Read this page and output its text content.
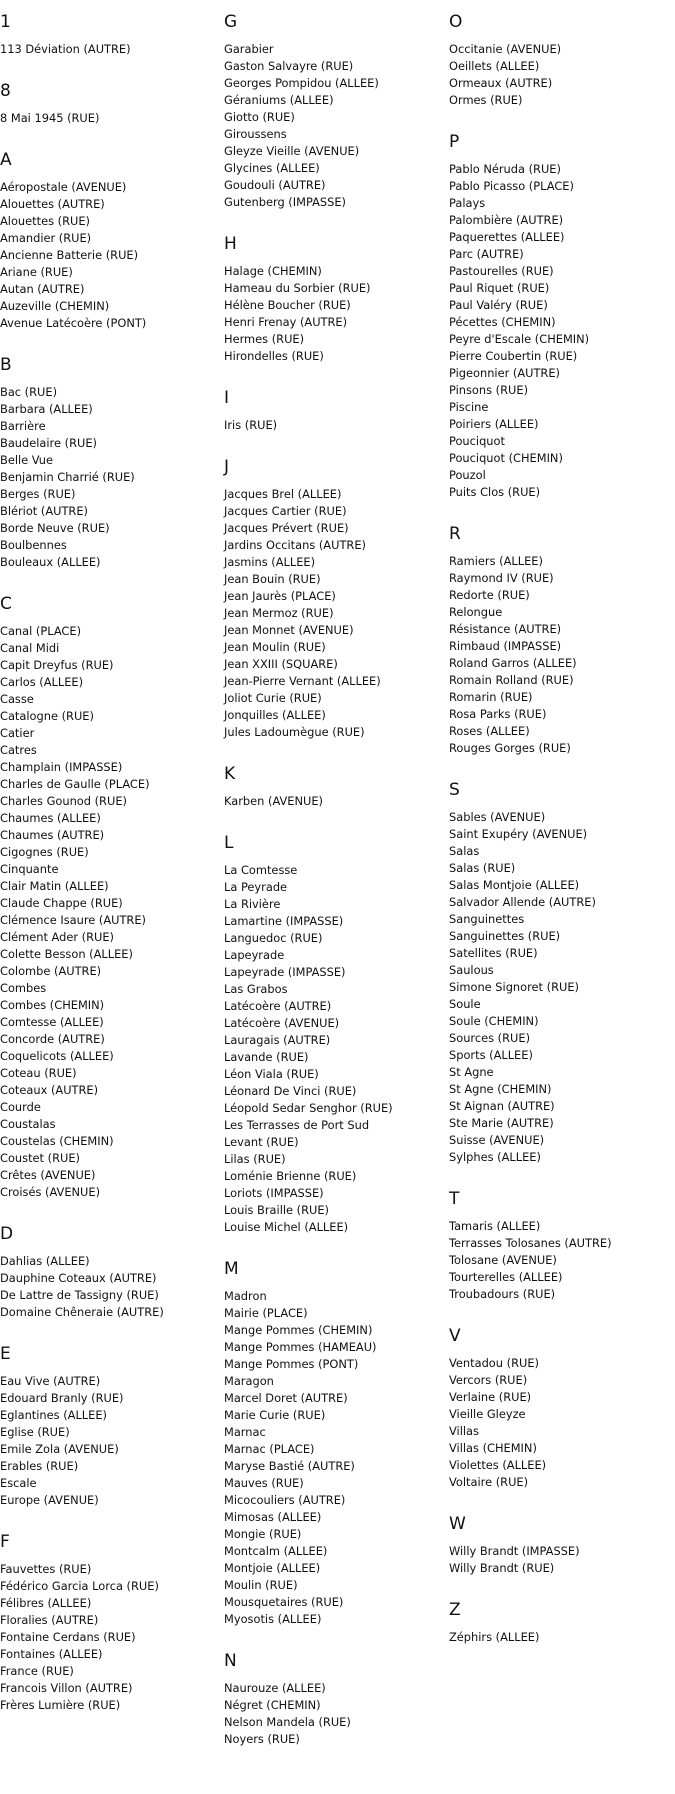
1
113 Déviation (AUTRE)
8
8 Mai 1945 (RUE)
A
Aéropostale (AVENUE)
Alouettes (AUTRE)
Alouettes (RUE)
Amandier (RUE)
Ancienne Batterie (RUE)
Ariane (RUE)
Autan (AUTRE)
Auzeville (CHEMIN)
Avenue Latécoère (PONT)
B
Bac (RUE)
Barbara (ALLEE)
Barrière
Baudelaire (RUE)
Belle Vue
Benjamin Charrié (RUE)
Berges (RUE)
Blériot (AUTRE)
Borde Neuve (RUE)
Boulbennes
Bouleaux (ALLEE)
C
Canal (PLACE)
Canal Midi
Capit Dreyfus (RUE)
Carlos (ALLEE)
Casse
Catalogne (RUE)
Catier
Catres
Champlain (IMPASSE)
Charles de Gaulle (PLACE)
Charles Gounod (RUE)
Chaumes (ALLEE)
Chaumes (AUTRE)
Cigognes (RUE)
Cinquante
Clair Matin (ALLEE)
Claude Chappe (RUE)
Clémence Isaure (AUTRE)
Clément Ader (RUE)
Colette Besson (ALLEE)
Colombe (AUTRE)
Combes
Combes (CHEMIN)
Comtesse (ALLEE)
Concorde (AUTRE)
Coquelicots (ALLEE)
Coteau (RUE)
Coteaux (AUTRE)
Courde
Coustalas
Coustelas (CHEMIN)
Coustet (RUE)
Crêtes (AVENUE)
Croisés (AVENUE)
D
Dahlias (ALLEE)
Dauphine Coteaux (AUTRE)
De Lattre de Tassigny (RUE)
Domaine Chêneraie (AUTRE)
E
Eau Vive (AUTRE)
Edouard Branly (RUE)
Eglantines (ALLEE)
Eglise (RUE)
Emile Zola (AVENUE)
Erables (RUE)
Escale
Europe (AVENUE)
F
Fauvettes (RUE)
Fédérico Garcia Lorca (RUE)
Félibres (ALLEE)
Floralies (AUTRE)
Fontaine Cerdans (RUE)
Fontaines (ALLEE)
France (RUE)
Francois Villon (AUTRE)
Frères Lumière (RUE)
G
Garabier
Gaston Salvayre (RUE)
Georges Pompidou (ALLEE)
Géraniums (ALLEE)
Giotto (RUE)
Giroussens
Gleyze Vieille (AVENUE)
Glycines (ALLEE)
Goudouli (AUTRE)
Gutenberg (IMPASSE)
H
Halage (CHEMIN)
Hameau du Sorbier (RUE)
Hélène Boucher (RUE)
Henri Frenay (AUTRE)
Hermes (RUE)
Hirondelles (RUE)
I
Iris (RUE)
J
Jacques Brel (ALLEE)
Jacques Cartier (RUE)
Jacques Prévert (RUE)
Jardins Occitans (AUTRE)
Jasmins (ALLEE)
Jean Bouin (RUE)
Jean Jaurès (PLACE)
Jean Mermoz (RUE)
Jean Monnet (AVENUE)
Jean Moulin (RUE)
Jean XXIII (SQUARE)
Jean-Pierre Vernant (ALLEE)
Joliot Curie (RUE)
Jonquilles (ALLEE)
Jules Ladoumègue (RUE)
K
Karben (AVENUE)
L
La Comtesse
La Peyrade
La Rivière
Lamartine (IMPASSE)
Languedoc (RUE)
Lapeyrade
Lapeyrade (IMPASSE)
Las Grabos
Latécoère (AUTRE)
Latécoère (AVENUE)
Lauragais (AUTRE)
Lavande (RUE)
Léon Viala (RUE)
Léonard De Vinci (RUE)
Léopold Sedar Senghor (RUE)
Les Terrasses de Port Sud
Levant (RUE)
Lilas (RUE)
Loménie Brienne (RUE)
Loriots (IMPASSE)
Louis Braille (RUE)
Louise Michel (ALLEE)
M
Madron
Mairie (PLACE)
Mange Pommes (CHEMIN)
Mange Pommes (HAMEAU)
Mange Pommes (PONT)
Maragon
Marcel Doret (AUTRE)
Marie Curie (RUE)
Marnac
Marnac (PLACE)
Maryse Bastié (AUTRE)
Mauves (RUE)
Micocouliers (AUTRE)
Mimosas (ALLEE)
Mongie (RUE)
Montcalm (ALLEE)
Montjoie (ALLEE)
Moulin (RUE)
Mousquetaires (RUE)
Myosotis (ALLEE)
N
Naurouze (ALLEE)
Négret (CHEMIN)
Nelson Mandela (RUE)
Noyers (RUE)
O
Occitanie (AVENUE)
Oeillets (ALLEE)
Ormeaux (AUTRE)
Ormes (RUE)
P
Pablo Néruda (RUE)
Pablo Picasso (PLACE)
Palays
Palombière (AUTRE)
Paquerettes (ALLEE)
Parc (AUTRE)
Pastourelles (RUE)
Paul Riquet (RUE)
Paul Valéry (RUE)
Pécettes (CHEMIN)
Peyre d'Escale (CHEMIN)
Pierre Coubertin (RUE)
Pigeonnier (AUTRE)
Pinsons (RUE)
Piscine
Poiriers (ALLEE)
Pouciquot
Pouciquot (CHEMIN)
Pouzol
Puits Clos (RUE)
R
Ramiers (ALLEE)
Raymond IV (RUE)
Redorte (RUE)
Relongue
Résistance (AUTRE)
Rimbaud (IMPASSE)
Roland Garros (ALLEE)
Romain Rolland (RUE)
Romarin (RUE)
Rosa Parks (RUE)
Roses (ALLEE)
Rouges Gorges (RUE)
S
Sables (AVENUE)
Saint Exupéry (AVENUE)
Salas
Salas (RUE)
Salas Montjoie (ALLEE)
Salvador Allende (AUTRE)
Sanguinettes
Sanguinettes (RUE)
Satellites (RUE)
Saulous
Simone Signoret (RUE)
Soule
Soule (CHEMIN)
Sources (RUE)
Sports (ALLEE)
St Agne
St Agne (CHEMIN)
St Aignan (AUTRE)
Ste Marie (AUTRE)
Suisse (AVENUE)
Sylphes (ALLEE)
T
Tamaris (ALLEE)
Terrasses Tolosanes (AUTRE)
Tolosane (AVENUE)
Tourterelles (ALLEE)
Troubadours (RUE)
V
Ventadou (RUE)
Vercors (RUE)
Verlaine (RUE)
Vieille Gleyze
Villas
Villas (CHEMIN)
Violettes (ALLEE)
Voltaire (RUE)
W
Willy Brandt (IMPASSE)
Willy Brandt (RUE)
Z
Zéphirs (ALLEE)
